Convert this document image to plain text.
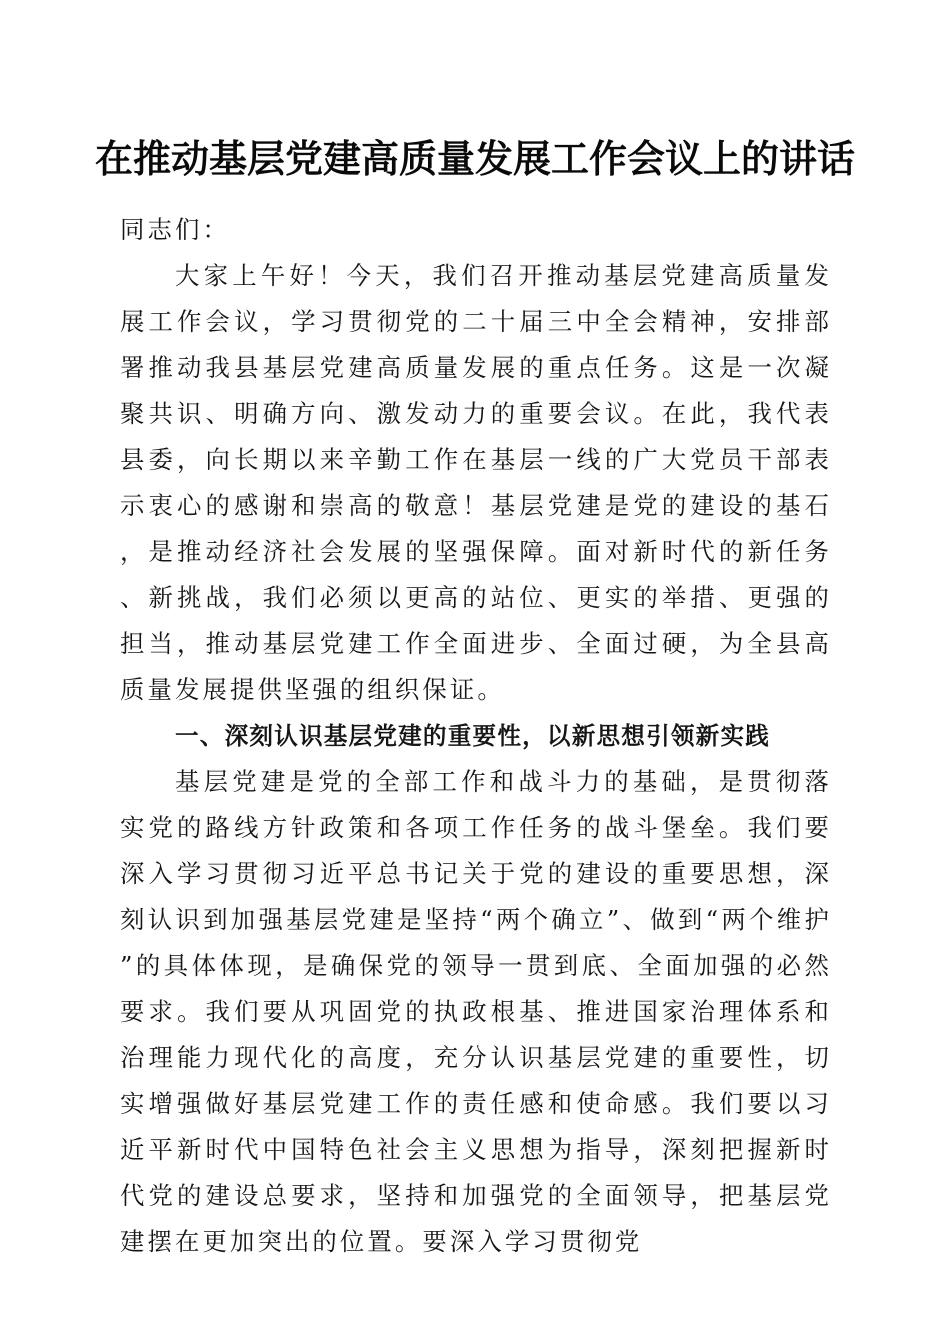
在推动基层党建高质量发展工作会议上的讲话

同志们：

大家上午好！今天，我们召开推动基层党建高质量发展工作会议，学习贯彻党的二十届三中全会精神，安排部署推动我县基层党建高质量发展的重点任务。这是一次凝聚共识、明确方向、激发动力的重要会议。在此，我代表县委，向长期以来辛勤工作在基层一线的广大党员干部表示衷心的感谢和崇高的敬意！基层党建是党的建设的基石，是推动经济社会发展的坚强保障。面对新时代的新任务、新挑战，我们必须以更高的站位、更实的举措、更强的担当，推动基层党建工作全面进步、全面过硬，为全县高质量发展提供坚强的组织保证。

一、深刻认识基层党建的重要性，以新思想引领新实践

基层党建是党的全部工作和战斗力的基础，是贯彻落实党的路线方针政策和各项工作任务的战斗堡垒。我们要深入学习贯彻习近平总书记关于党的建设的重要思想，深刻认识到加强基层党建是坚持“两个确立”、做到“两个维护”的具体体现，是确保党的领导一贯到底、全面加强的必然要求。我们要从巩固党的执政根基、推进国家治理体系和治理能力现代化的高度，充分认识基层党建的重要性，切实增强做好基层党建工作的责任感和使命感。我们要以习近平新时代中国特色社会主义思想为指导，深刻把握新时代党的建设总要求，坚持和加强党的全面领导，把基层党建摆在更加突出的位置。要深入学习贯彻党
